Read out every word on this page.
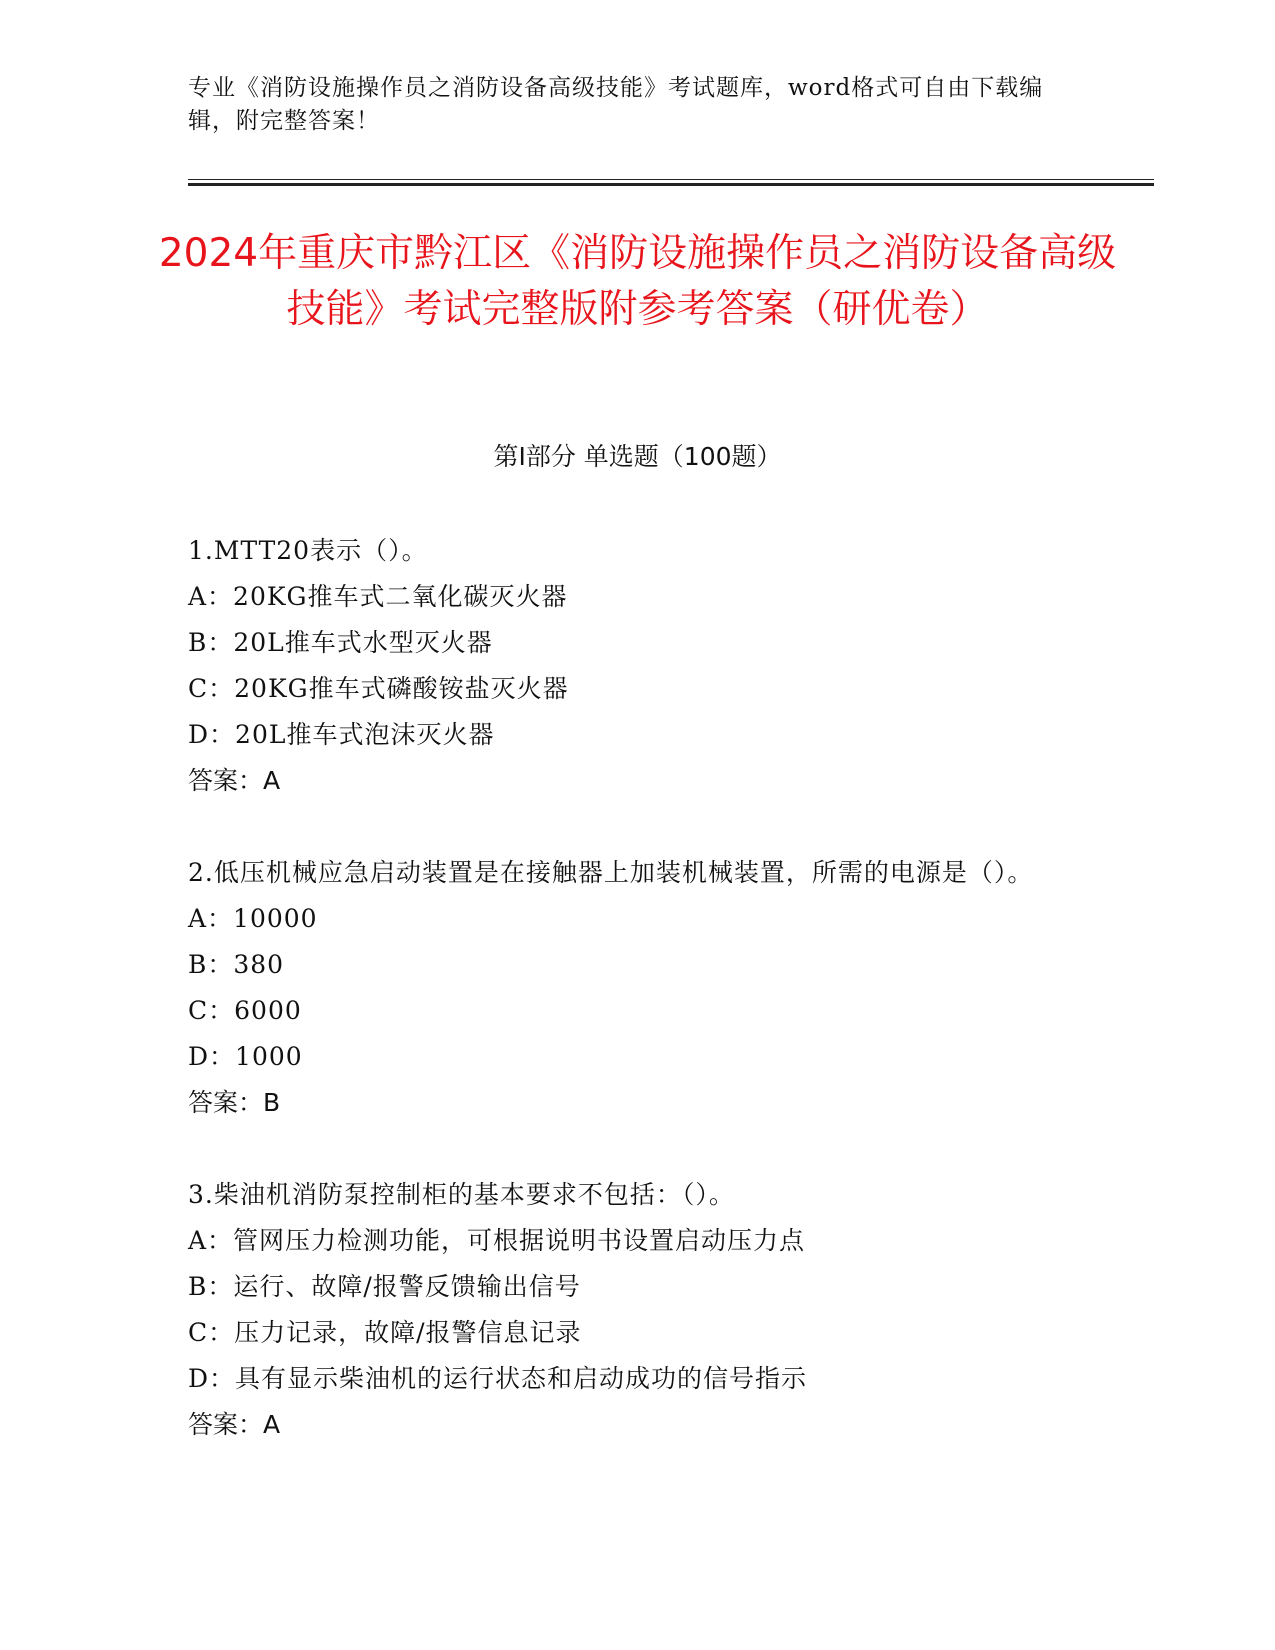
专业《消防设施操作员之消防设备高级技能》考试题库，word格式可自由下载编辑，附完整答案！
2024年重庆市黔江区《消防设施操作员之消防设备高级技能》考试完整版附参考答案（研优卷）
第Ⅰ部分 单选题（100题）
1.MTT20表示（）。
A：20KG推车式二氧化碳灭火器
B：20L推车式水型灭火器
C：20KG推车式磷酸铵盐灭火器
D：20L推车式泡沫灭火器
答案：A
2.低压机械应急启动装置是在接触器上加装机械装置，所需的电源是（）。
A：10000
B：380
C：6000
D：1000
答案：B
3.柴油机消防泵控制柜的基本要求不包括：（）。
A：管网压力检测功能，可根据说明书设置启动压力点
B：运行、故障/报警反馈输出信号
C：压力记录，故障/报警信息记录
D：具有显示柴油机的运行状态和启动成功的信号指示
答案：A
